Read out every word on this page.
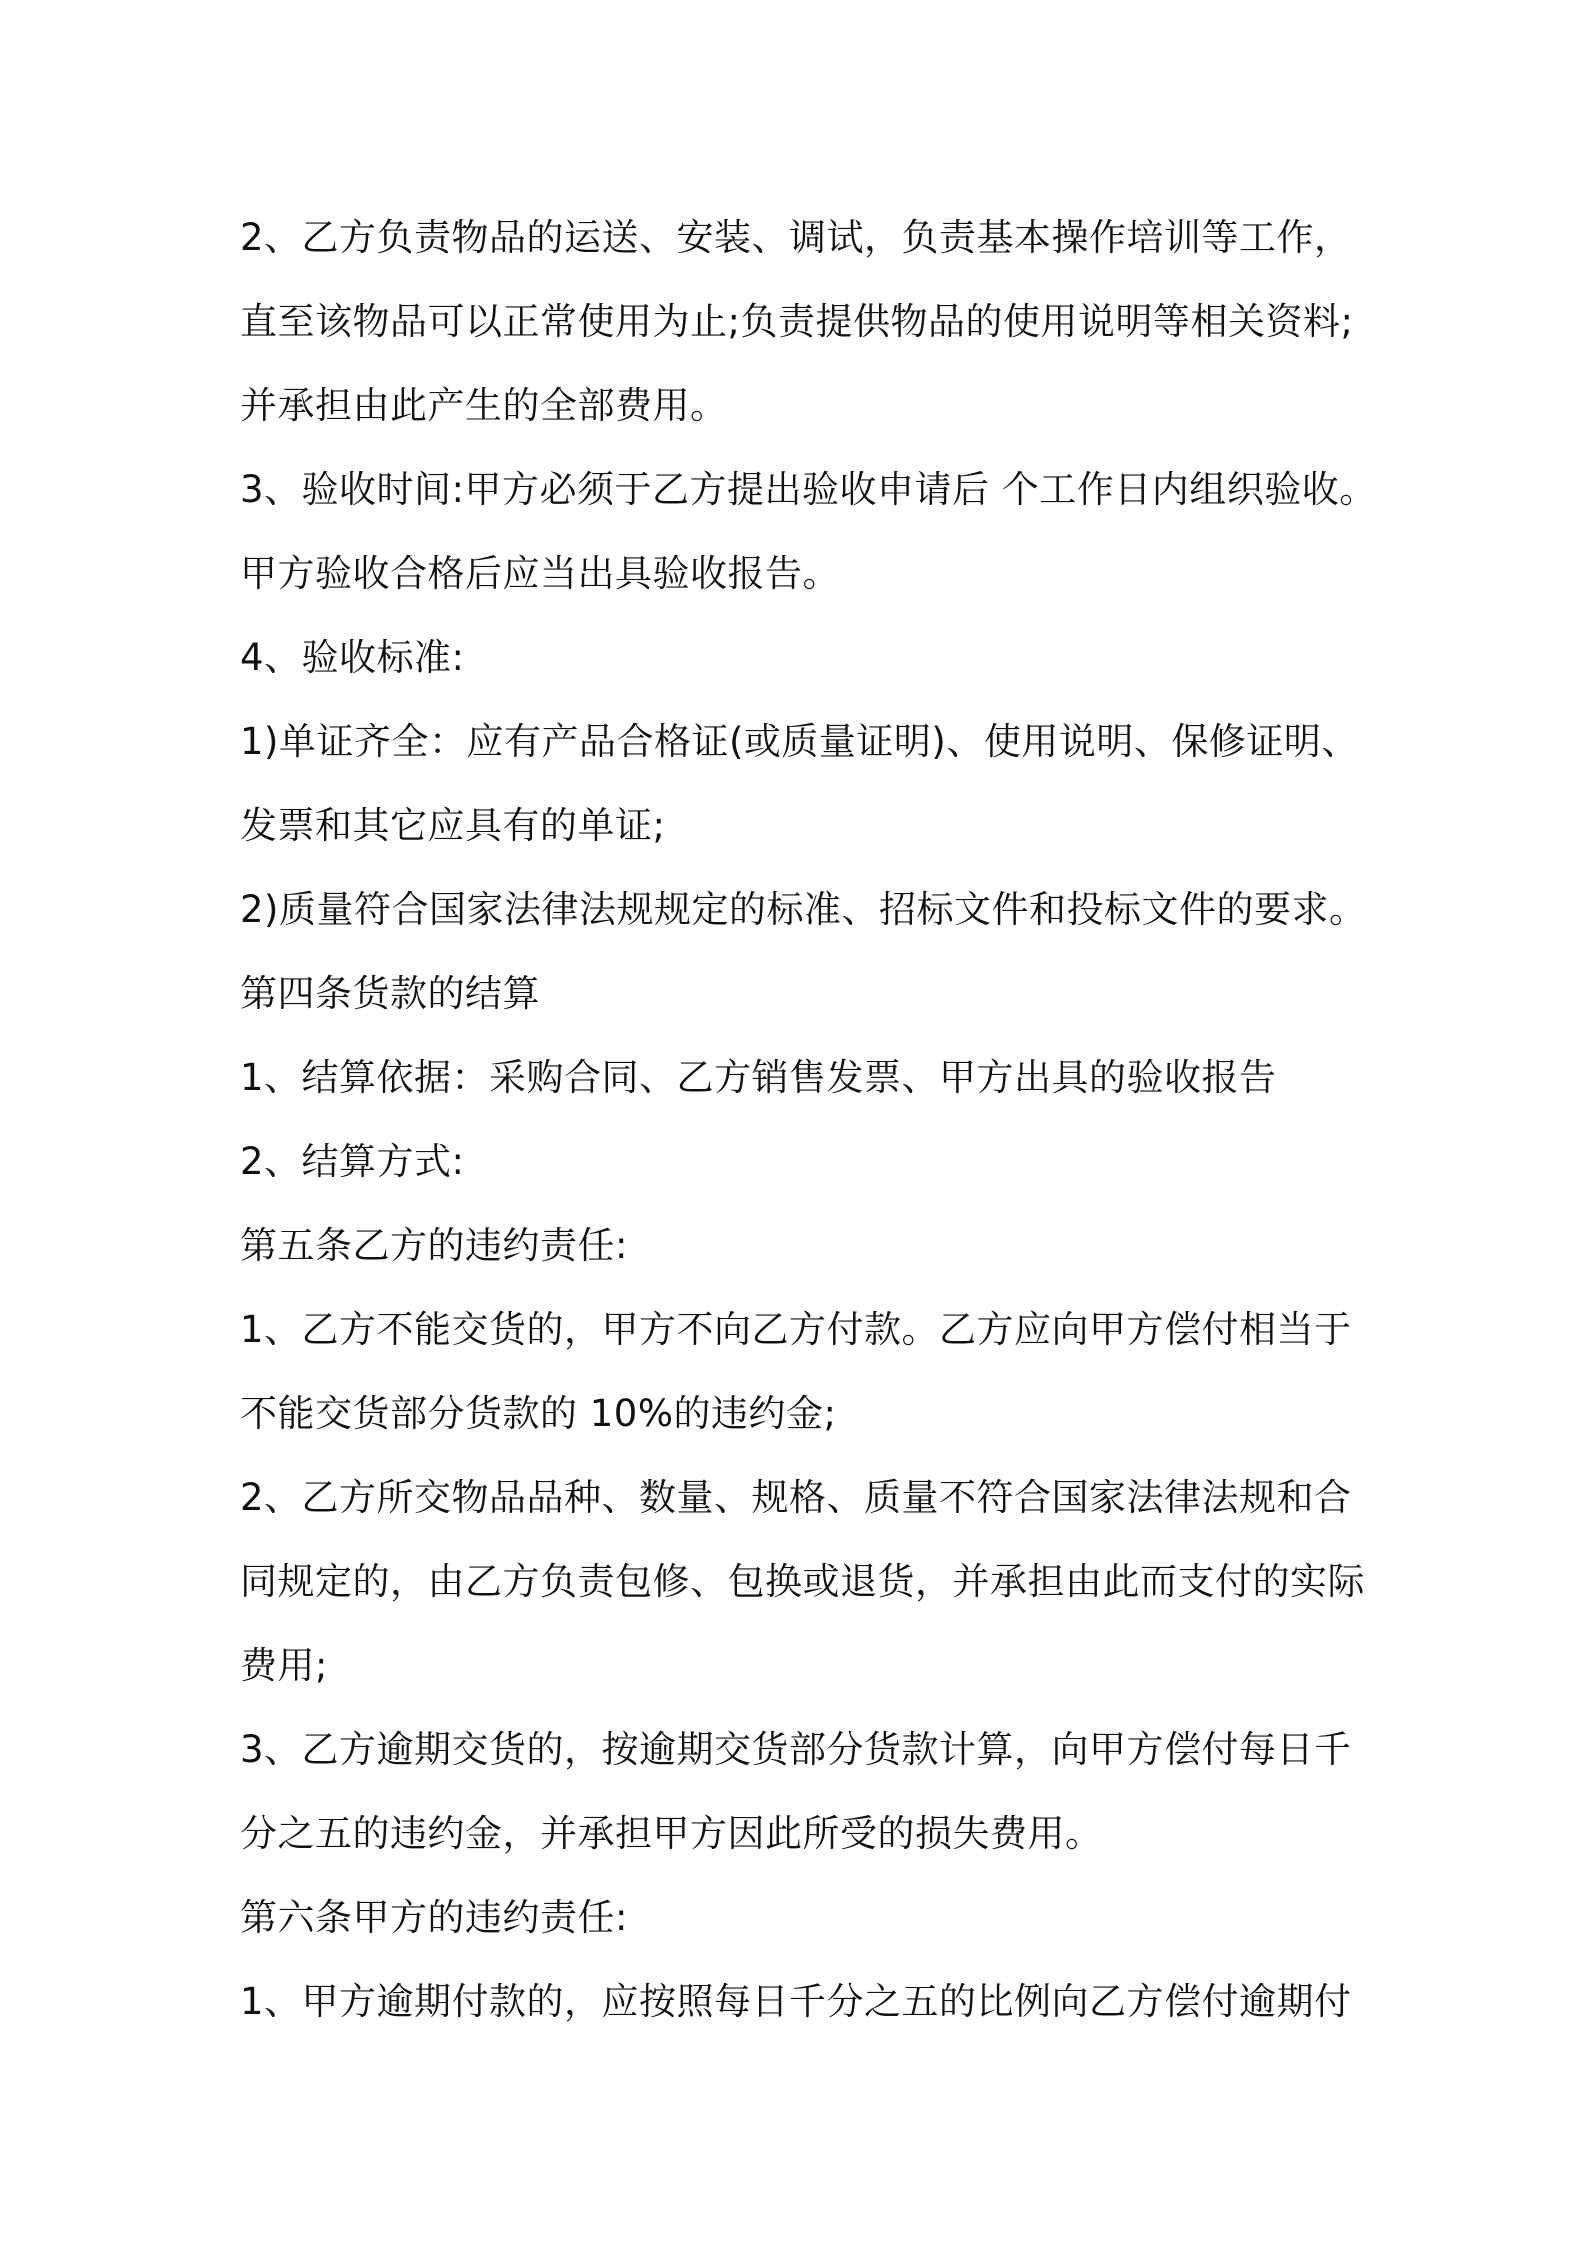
2、乙方负责物品的运送、安装、调试，负责基本操作培训等工作，
直至该物品可以正常使用为止;负责提供物品的使用说明等相关资料;
并承担由此产生的全部费用。
3、验收时间:甲方必须于乙方提出验收申请后 个工作日内组织验收。
甲方验收合格后应当出具验收报告。
4、验收标准:
1)单证齐全：应有产品合格证(或质量证明)、使用说明、保修证明、
发票和其它应具有的单证;
2)质量符合国家法律法规规定的标准、招标文件和投标文件的要求。
第四条货款的结算
1、结算依据：采购合同、乙方销售发票、甲方出具的验收报告
2、结算方式:
第五条乙方的违约责任:
1、乙方不能交货的，甲方不向乙方付款。乙方应向甲方偿付相当于
不能交货部分货款的 10%的违约金;
2、乙方所交物品品种、数量、规格、质量不符合国家法律法规和合
同规定的，由乙方负责包修、包换或退货，并承担由此而支付的实际
费用;
3、乙方逾期交货的，按逾期交货部分货款计算，向甲方偿付每日千
分之五的违约金，并承担甲方因此所受的损失费用。
第六条甲方的违约责任:
1、甲方逾期付款的，应按照每日千分之五的比例向乙方偿付逾期付
